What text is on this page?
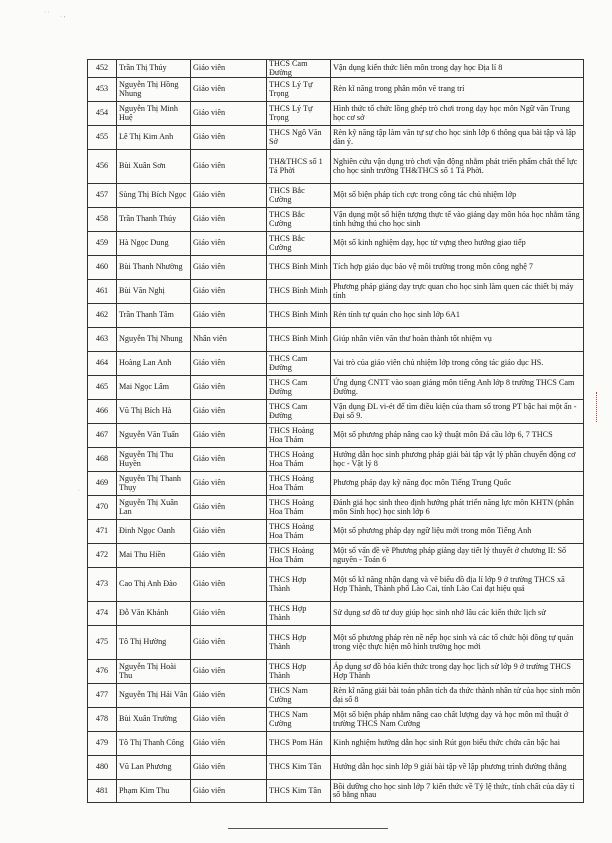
· ·
˙ ʼ
·
452	Trần Thị Thúy	Giáo viên	THCS Cam Đường	Vận dụng kiến thức liên môn trong dạy học Địa lí 8
453	Nguyễn Thị Hồng Nhung	Giáo viên	THCS Lý Tự Trọng	Rèn kĩ năng trong phân môn vẽ trang trí
454	Nguyễn Thị Minh Huệ	Giáo viên	THCS Lý Tự Trọng	Hình thức tổ chức lồng ghép trò chơi trong dạy học môn Ngữ văn Trung học cơ sở
455	Lê Thị Kim Anh	Giáo viên	THCS Ngô Văn Sở	Rèn kỹ năng tập làm văn tự sự cho học sinh lớp 6 thông qua bài tập và lập dàn ý.
456	Bùi Xuân Sơn	Giáo viên	TH&THCS số 1 Tả Phời	Nghiên cứu vận dụng trò chơi vận động nhằm phát triển phẩm chất thể lực cho học sinh trường TH&THCS số 1 Tả Phời.
457	Sùng Thị Bích Ngọc	Giáo viên	THCS Bắc Cường	Một số biện pháp tích cực trong công tác chủ nhiệm lớp
458	Trần Thanh Thủy	Giáo viên	THCS Bắc Cường	Vận dụng một số hiện tượng thực tế vào giảng dạy môn hóa học nhằm tăng tính hứng thú cho học sinh
459	Hà Ngọc Dung	Giáo viên	THCS Bắc Cường	Một số kinh nghiệm dạy, học từ vựng theo hướng giao tiếp
460	Bùi Thanh Nhường	Giáo viên	THCS Bình Minh	Tích hợp giáo dục bảo vệ môi trường trong môn công nghệ 7
461	Bùi Văn Nghị	Giáo viên	THCS Bình Minh	Phương pháp giảng dạy trực quan cho học sinh làm quen các thiết bị máy tính
462	Trần Thanh Tâm	Giáo viên	THCS Bình Minh	Rèn tính tự quản cho học sinh lớp 6A1
463	Nguyễn Thị Nhung	Nhân viên	THCS Bình Minh	Giúp nhân viên văn thư hoàn thành tốt nhiệm vụ
464	Hoàng Lan Anh	Giáo viên	THCS Cam Đường	Vai trò của giáo viên chủ nhiệm lớp trong công tác giáo dục HS.
465	Mai Ngọc Lâm	Giáo viên	THCS Cam Đường	Ứng dụng CNTT vào soạn giảng môn tiếng Anh lớp 8 trường THCS Cam Đường.
466	Vũ Thị Bích Hà	Giáo viên	THCS Cam Đường	Vận dụng ĐL vi-ét để tìm điều kiện của tham số trong PT bậc hai một ẩn - Đại số 9.
467	Nguyễn Văn Tuấn	Giáo viên	THCS Hoàng Hoa Thám	Một số phương pháp nâng cao kỹ thuật môn Đá cầu lớp 6, 7 THCS
468	Nguyễn Thị Thu Huyền	Giáo viên	THCS Hoàng Hoa Thám	Hướng dẫn học sinh phương pháp giải bài tập vật lý phần chuyển động cơ học - Vật lý 8
469	Nguyễn Thị Thanh Thụy	Giáo viên	THCS Hoàng Hoa Thám	Phương pháp dạy kỹ năng đọc môn Tiếng Trung Quốc
470	Nguyễn Thị Xuân Lan	Giáo viên	THCS Hoàng Hoa Thám	Đánh giá học sinh theo định hướng phát triển năng lực môn KHTN (phân môn Sinh học) học sinh lớp 6
471	Đinh Ngọc Oanh	Giáo viên	THCS Hoàng Hoa Thám	Một số phương pháp dạy ngữ liệu mới trong môn Tiếng Anh
472	Mai Thu Hiền	Giáo viên	THCS Hoàng Hoa Thám	Một số vấn đề về Phương pháp giảng dạy tiết lý thuyết ở chương II: Số nguyên - Toán 6
473	Cao Thị Anh Đào	Giáo viên	THCS Hợp Thành	Một số kĩ năng nhận dạng và vẽ biểu đồ địa lí lớp 9 ở trường THCS xã Hợp Thành, Thành phố Lào Cai, tỉnh Lào Cai đạt hiệu quả
474	Đỗ Văn Khánh	Giáo viên	THCS Hợp Thành	Sử dụng sơ đồ tư duy giúp học sinh nhớ lâu các kiến thức lịch sử
475	Tô Thị Hường	Giáo viên	THCS Hợp Thành	Một số phương pháp rèn nề nếp học sinh và các tổ chức hội đồng tự quản trong việc thực hiện mô hình trường học mới
476	Nguyễn Thị Hoài Thu	Giáo viên	THCS Hợp Thành	Áp dụng sơ đồ hóa kiến thức trong dạy học lịch sử lớp 9 ở trường THCS Hợp Thành
477	Nguyễn Thị Hải Vân	Giáo viên	THCS Nam Cường	Rèn kĩ năng giải bài toán phân tích đa thức thành nhân tử của học sinh môn đại số 8
478	Bùi Xuân Trường	Giáo viên	THCS Nam Cường	Một số biện pháp nhằm nâng cao chất lượng dạy và học môn mĩ thuật ở trường THCS Nam Cường
479	Tô Thị Thanh Công	Giáo viên	THCS Pom Hán	Kinh nghiệm hướng dẫn học sinh Rút gọn biểu thức chứa căn bậc hai
480	Vũ Lan Phương	Giáo viên	THCS Kim Tân	Hướng dẫn học sinh lớp 9 giải bài tập về lập phương trình đường thẳng
481	Phạm Kim Thu	Giáo viên	THCS Kim Tân	Bồi dưỡng cho học sinh lớp 7 kiến thức về Tỷ lệ thức, tính chất của dãy tỉ số bằng nhau
